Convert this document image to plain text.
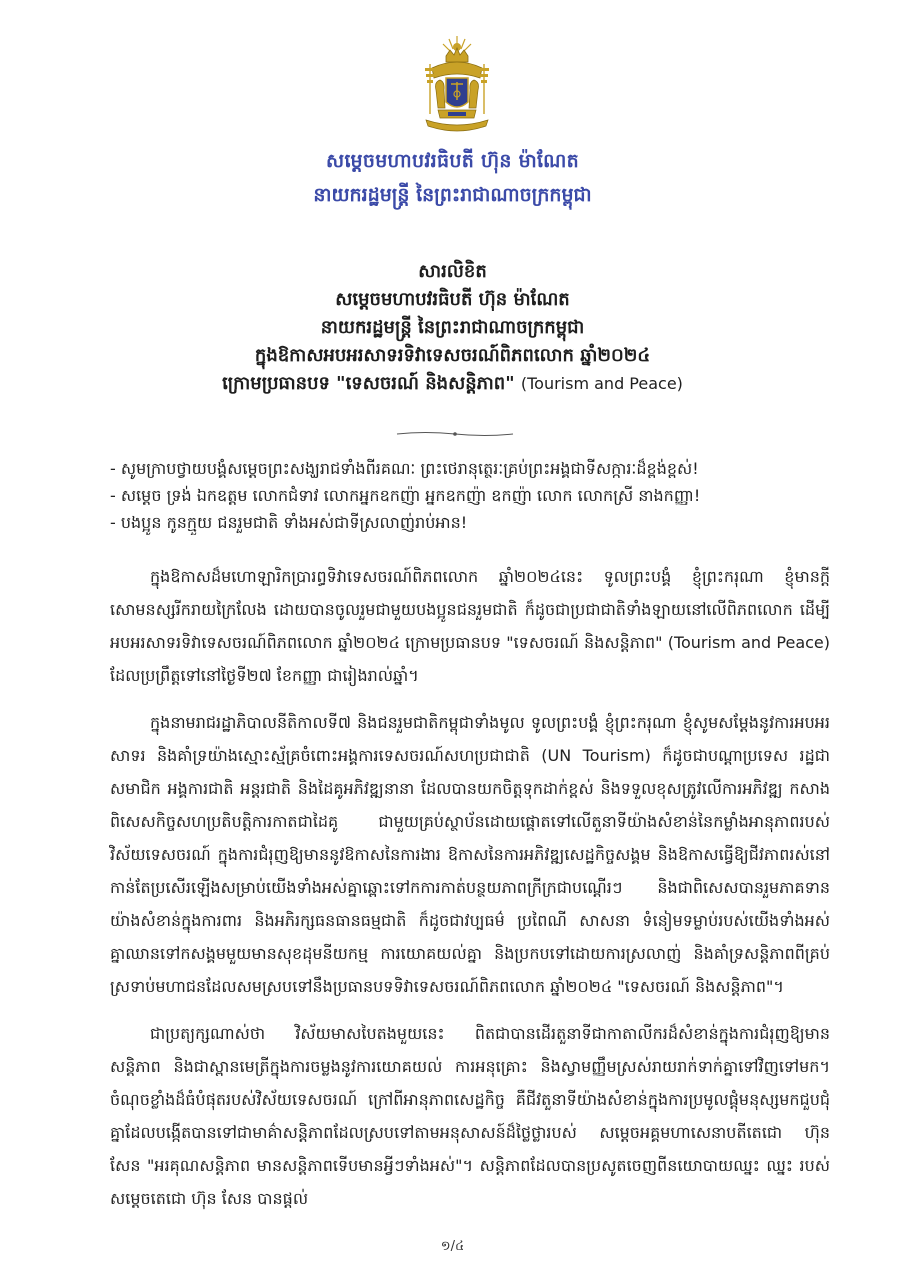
សម្តេចមហាបវរធិបតី ហ៊ុន ម៉ាណែត
នាយករដ្ឋមន្ត្រី នៃព្រះរាជាណាចក្រកម្ពុជា
សារលិខិត
សម្តេចមហាបវរធិបតី ហ៊ុន ម៉ាណែត
នាយករដ្ឋមន្ត្រី នៃព្រះរាជាណាចក្រកម្ពុជា
ក្នុងឱកាសអបអរសាទរទិវាទេសចរណ៍ពិភពលោក ឆ្នាំ២០២៤
ក្រោមប្រធានបទ "ទេសចរណ៍ និងសន្តិភាព" (Tourism and Peace)
- សូមក្រាបថ្វាយបង្គំសម្តេចព្រះសង្ឃរាជទាំងពីរគណៈ ព្រះថេរានុត្ថេរៈគ្រប់ព្រះអង្គជាទីសក្ការៈដ៏ខ្ពង់ខ្ពស់!
- សម្តេច ទ្រង់ ឯកឧត្តម លោកជំទាវ លោកអ្នកឧកញ៉ា អ្នកឧកញ៉ា ឧកញ៉ា លោក លោកស្រី នាងកញ្ញា!
- បងប្អូន កូនក្មួយ ជនរួមជាតិ ទាំងអស់ជាទីស្រលាញ់រាប់អាន!

ក្នុងឱកាសដ៏មហោឡារិកប្រារព្ធទិវាទេសចរណ៍ពិភពលោក ឆ្នាំ២០២៤នេះ ទូលព្រះបង្គំ ខ្ញុំព្រះករុណា ខ្ញុំមានក្តីសោមនស្សរីករាយក្រៃលែង ដោយបានចូលរួមជាមួយបងប្អូនជនរួមជាតិ ក៏ដូចជាប្រជាជាតិទាំងឡាយនៅលើពិភពលោក ដើម្បីអបអរសាទរទិវាទេសចរណ៍ពិភពលោក ឆ្នាំ២០២៤ ក្រោមប្រធានបទ "ទេសចរណ៍ និងសន្តិភាព" (Tourism and Peace) ដែលប្រព្រឹត្តទៅនៅថ្ងៃទី២៧ ខែកញ្ញា ជារៀងរាល់ឆ្នាំ។

ក្នុងនាមរាជរដ្ឋាភិបាលនីតិកាលទី៧ និងជនរួមជាតិកម្ពុជាទាំងមូល ទូលព្រះបង្គំ ខ្ញុំព្រះករុណា ខ្ញុំសូមសម្តែងនូវការអបអរសាទរ និងគាំទ្រយ៉ាងស្មោះស្ម័គ្រចំពោះអង្គការទេសចរណ៍សហប្រជាជាតិ (UN Tourism) ក៏ដូចជាបណ្តាប្រទេស រដ្ឋជាសមាជិក អង្គការជាតិ អន្តរជាតិ និងដៃគូអភិវឌ្ឍនានា ដែលបានយកចិត្តទុកដាក់ខ្ពស់ និងទទួលខុសត្រូវលើការអភិវឌ្ឍ កសាង ពិសេសកិច្ចសហប្រតិបត្តិការកាតជាដៃគូ ជាមួយគ្រប់ស្ថាប័នដោយផ្តោតទៅលើតួនាទីយ៉ាងសំខាន់នៃកម្លាំងអានុភាពរបស់វិស័យទេសចរណ៍ ក្នុងការជំរុញឱ្យមាននូវឱកាសនៃការងារ ឱកាសនៃការអភិវឌ្ឍសេដ្ឋកិច្ចសង្គម និងឱកាសធ្វើឱ្យជីវភាពរស់នៅកាន់តែប្រសើរឡើងសម្រាប់យើងទាំងអស់គ្នាឆ្ពោះទៅកការកាត់បន្ថយភាពក្រីក្រជាបណ្តើរៗ និងជាពិសេសបានរួមភាគទានយ៉ាងសំខាន់ក្នុងការពារ និងអភិរក្សធនធានធម្មជាតិ ក៏ដូចជាវប្បធម៌ ប្រពៃណី សាសនា ទំនៀមទម្លាប់របស់យើងទាំងអស់គ្នាឈានទៅកសង្គមមួយមានសុខដុមនីយកម្ម ការយោគយល់គ្នា និងប្រកបទៅដោយការស្រលាញ់ និងគាំទ្រសន្តិភាពពីគ្រប់ស្រទាប់មហាជនដែលសមស្របទៅនឹងប្រធានបទទិវាទេសចរណ៍ពិភពលោក ឆ្នាំ២០២៤ "ទេសចរណ៍ និងសន្តិភាព"។

ជាប្រត្យក្សណាស់ថា វិស័យមាសបៃតងមួយនេះ ពិតជាបានដើរតួនាទីជាកាតាលីករដ៏សំខាន់ក្នុងការជំរុញឱ្យមានសន្តិភាព និងជាស្ពានមេត្រីក្នុងការចម្លងនូវការយោគយល់ ការអនុគ្រោះ និងស្វាមញ្ញឹមស្រស់រាយរាក់ទាក់គ្នាទៅវិញទៅមក។ ចំណុចខ្លាំងដ៏ធំបំផុតរបស់វិស័យទេសចរណ៍ ក្រៅពីអានុភាពសេដ្ឋកិច្ច គឺជីវតួនាទីយ៉ាងសំខាន់ក្នុងការប្រមូលផ្តុំមនុស្សមកជួបជុំគ្នាដែលបង្កើតបានទៅជាមាគ៌ាសន្តិភាពដែលស្របទៅតាមអនុសាសន៍ដ៏ថ្លៃថ្លារបស់ សម្តេចអគ្គមហាសេនាបតីតេជោ ហ៊ុន សែន "អរគុណសន្តិភាព មានសន្តិភាពទើបមានអ្វីៗទាំងអស់"។ សន្តិភាពដែលបានប្រសូតចេញពីនយោបាយឈ្នះ ឈ្នះ របស់សម្តេចតេជោ ហ៊ុន សែន បានផ្តល់

១/៤
